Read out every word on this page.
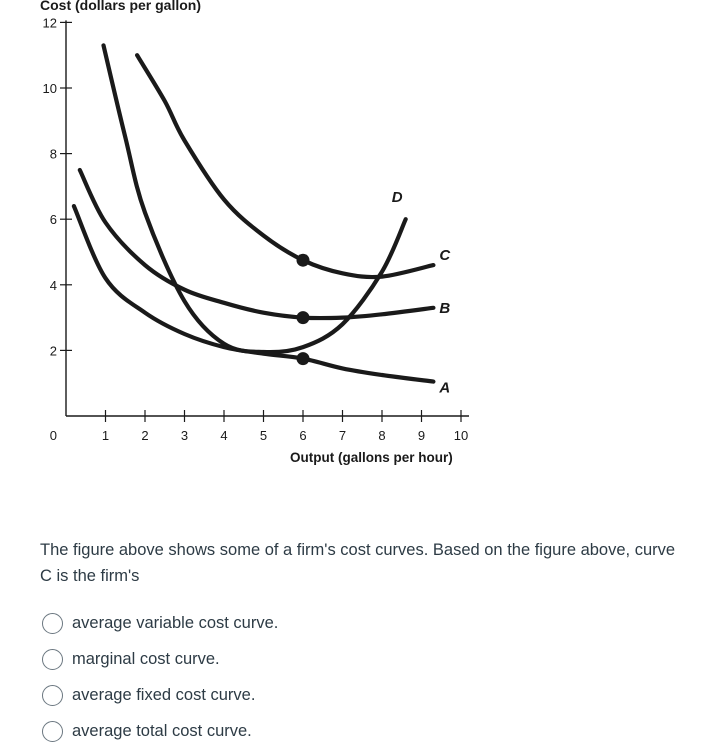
Cost (dollars per gallon)
0
2
4
6
8
10
12
1 2 3 4 5 6 7 8 9 10
A
B
C
D
Output (gallons per hour)

The figure above shows some of a firm's cost curves. Based on the figure above, curve C is the firm's

average variable cost curve.
marginal cost curve.
average fixed cost curve.
average total cost curve.
